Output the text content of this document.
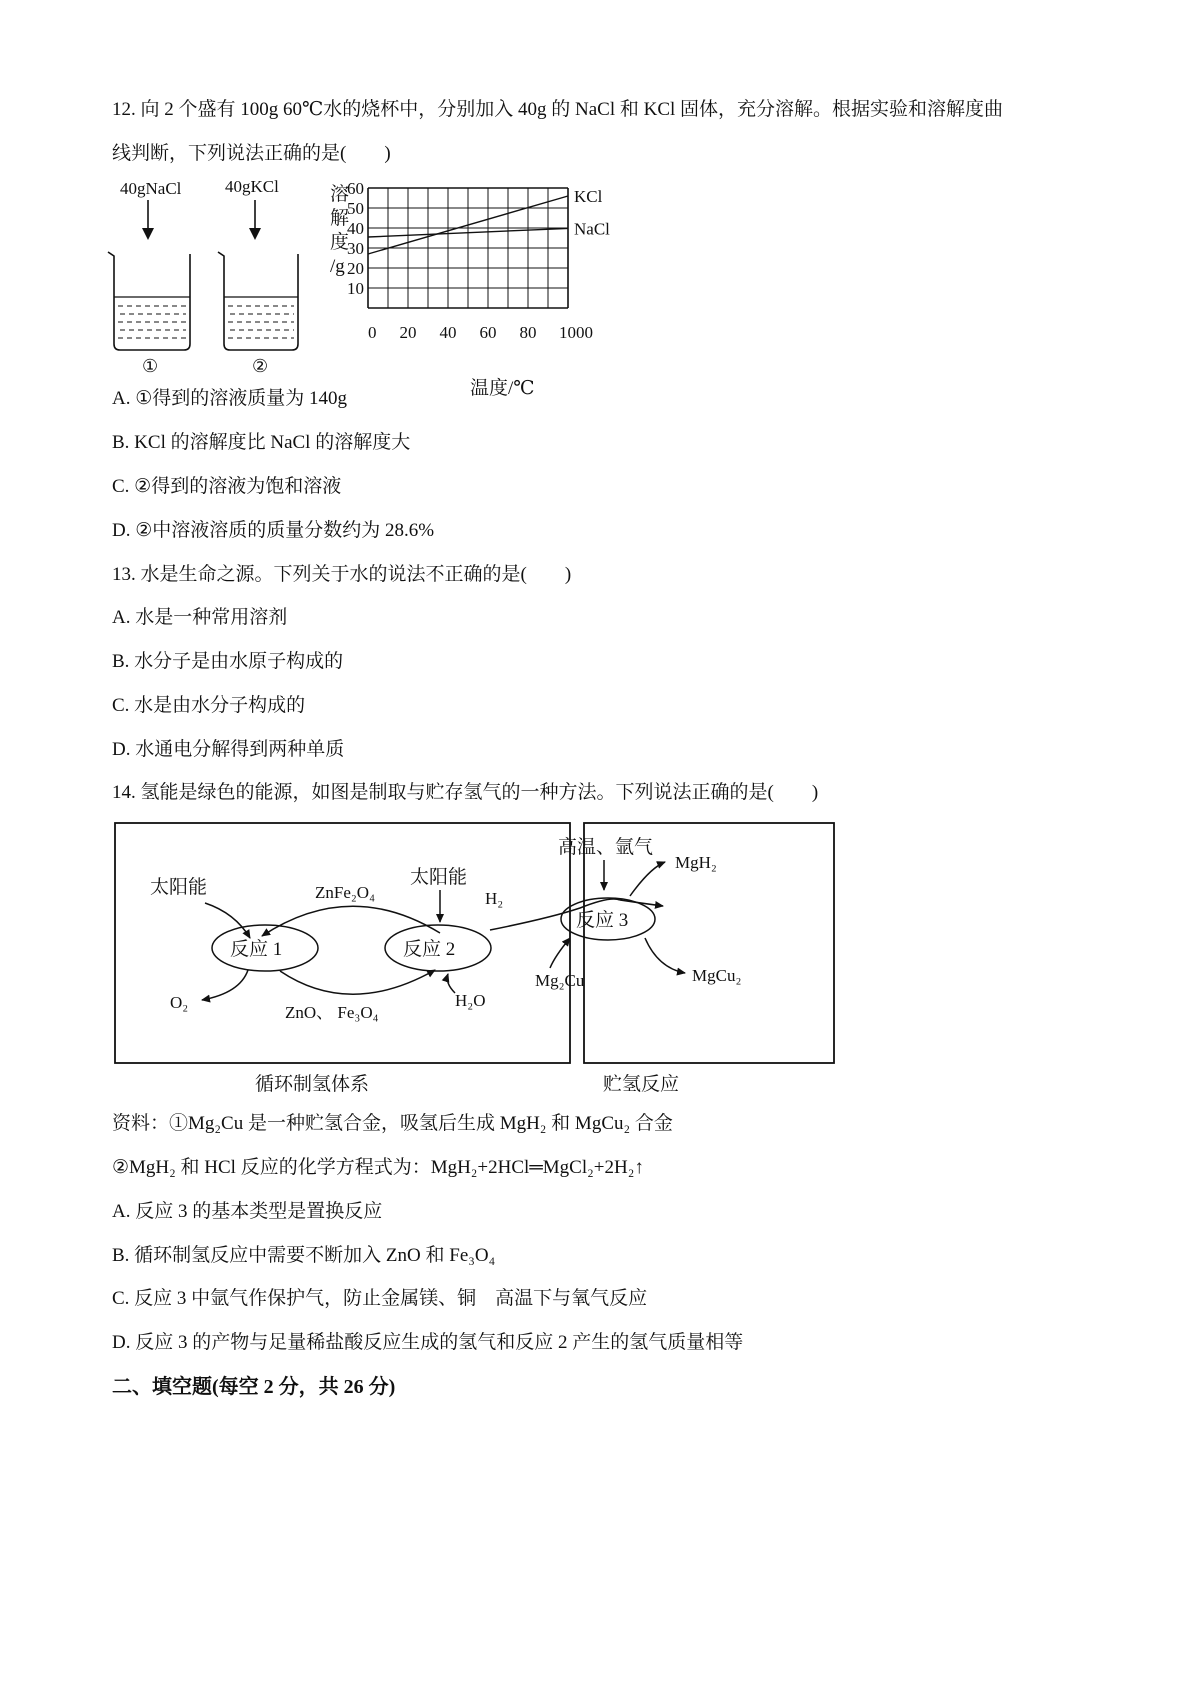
12. 向 2 个盛有 100g 60℃水的烧杯中，分别加入 40g 的 NaCl 和 KCl 固体，充分溶解。根据实验和溶解度曲
线判断，下列说法正确的是(　　)
40gNaCl
①
40gKCl
②
10
20
30
40
50
60
0 20 40 60 80 1000
溶
解
度
/g
温度/℃
KCl
NaCl
A. ①得到的溶液质量为 140g
B. KCl 的溶解度比 NaCl 的溶解度大
C. ②得到的溶液为饱和溶液
D. ②中溶液溶质的质量分数约为 28.6%
13. 水是生命之源。下列关于水的说法不正确的是(　　)
A. 水是一种常用溶剂
B. 水分子是由水原子构成的
C. 水是由水分子构成的
D. 水通电分解得到两种单质
14. 氢能是绿色的能源，如图是制取与贮存氢气的一种方法。下列说法正确的是(　　)
太阳能	ZnFe₂O₄
太阳能
H₂
反应 1	反应 2
O₂
ZnO、 Fe₃O₄
H₂O
循环制氢体系
高温、氩气
MgH₂
反应 3
Mg₂Cu	MgCu₂
贮氢反应
资料：①Mg₂Cu 是一种贮氢合金，吸氢后生成 MgH₂ 和 MgCu₂ 合金
②MgH₂ 和 HCl 反应的化学方程式为：MgH₂+2HCl═MgCl₂+2H₂↑
A. 反应 3 的基本类型是置换反应
B. 循环制氢反应中需要不断加入 ZnO 和 Fe₃O₄
C. 反应 3 中氩气作保护气，防止金属镁、铜　高温下与氧气反应
D. 反应 3 的产物与足量稀盐酸反应生成的氢气和反应 2 产生的氢气质量相等
二、填空题(每空 2 分，共 26 分)
